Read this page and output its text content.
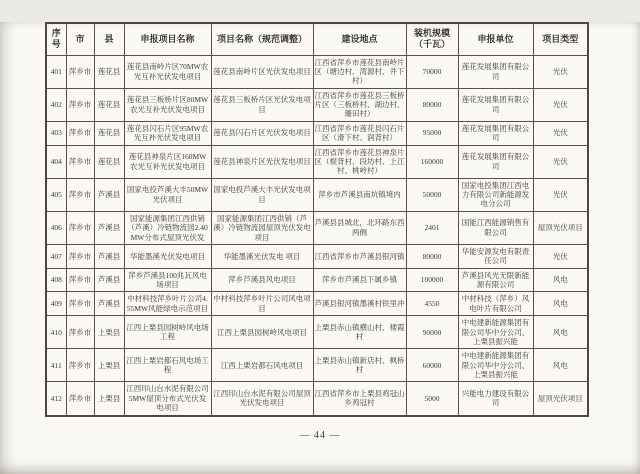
序号	市	县	申报项目名称	项目名称（规范调整）	建设地点	装机规模（千瓦）	申报单位	项目类型
401	萍乡市	莲花县	莲花县南岭片区70MW农光互补光伏发电项目	莲花县南岭片区光伏发电项目	江西省萍乡市莲花县南岭片区（塘边村、湾源村、井下村）	70000	莲花发展集团有限公司	光伏
402	萍乡市	莲花县	莲花县三板桥片区80MW农光互补光伏发电项目	莲花县三板桥片区光伏发电项目	江西省萍乡市莲花县三板桥片区（三板桥村、湖边村、珊田村）	80000	莲花发展集团有限公司	光伏
403	萍乡市	莲花县	莲花县闪石片区95MW农光互补光伏发电项目	莲花县闪石片区光伏发电项目	江西省萍乡市莲花县闪石片区（滑下村、润背村）	95000	莲花发展集团有限公司	光伏
404	萍乡市	莲花县	莲花县神泉片区160MW农光互补光伏发电项目	莲花县神泉片区光伏发电项目	江西省萍乡市莲花县神泉片区（棍背村、段坊村、上江村、桃岭村）	160000	莲花发展集团有限公司	光伏
405	萍乡市	芦溪县	国家电投芦溪大丰50MW光伏项目	国家电投芦溪大丰光伏发电项目	萍乡市芦溪县南坑镇境内	50000	国家电投集团江西电力有限公司新能源发电分公司	光伏
406	萍乡市	芦溪县	国家能源集团江西供销（芦溪）冷链物流园2.40MW分布式屋顶光伏发	国家能源集团江西供销（芦溪）冷链物流园屋顶光伏发电项目	芦溪县县城北，北环路东西两侧	2401	国能江西能源销售有限公司	屋顶光伏项目
407	萍乡市	芦溪县	华能墨溪光伏发电项目	华能墨溪光伏发电 项目	江西省萍乡市芦溪县银河镇	80000	华能安源发电有限责任公司	光伏
408	萍乡市	芦溪县	萍乡芦溪县100兆瓦风电场项目	萍乡芦溪县风电项目	萍乡市芦溪县下属乡镇	100000	芦溪县风光无限新能源有限公司	风电
409	萍乡市	芦溪县	中材科技萍乡叶片公司4.55MW风能绿电示范项目	中材科技萍乡叶片公司风电项目	芦溪县银河镇墨溪村铁里冲	4550	中材科技（萍乡）风电叶片有限公司	风电
410	萍乡市	上栗县	江西上栗县园树岭风电场工程	江西上栗县园树岭风电项目	上栗县赤山镇横山村、楼霞村	90000	中电建新能源集团有限公司华中分公司、上栗县振兴能	风电
411	萍乡市	上栗县	江西上栗岩都石风电场工程	江西上栗岩都石风电项目	上栗县赤山镇新店村、枫桥村	60000	中电建新能源集团有限公司华中分公司、上栗县振兴能	风电
412	萍乡市	上栗县	江西印山台水泥有限公司5MW屋顶分布式光伏发电项目	江西印山台水泥有限公司屋顶光伏发电项目	江西省萍乡市上栗县鸡冠山乡鸡冠村	5000	兴能电力建设有限公司	屋顶光伏项目
— 44 —
